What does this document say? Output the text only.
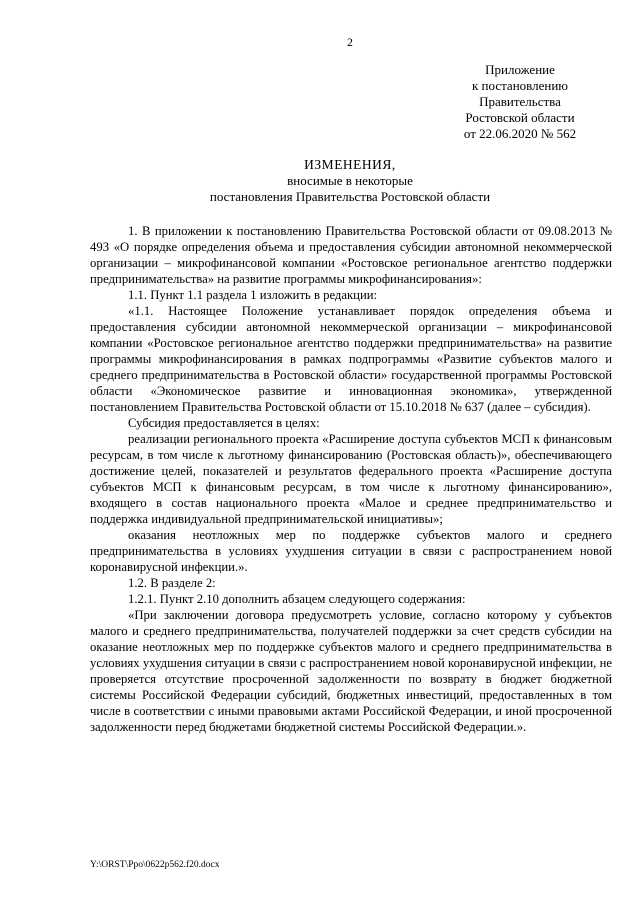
2
Приложение
к постановлению
Правительства
Ростовской области
от 22.06.2020 № 562
ИЗМЕНЕНИЯ,
вносимые в некоторые
постановления Правительства Ростовской области

1. В приложении к постановлению Правительства Ростовской области от 09.08.2013 № 493 «О порядке определения объема и предоставления субсидии автономной некоммерческой организации – микрофинансовой компании «Ростовское региональное агентство поддержки предпринимательства» на развитие программы микрофинансирования»:

1.1. Пункт 1.1 раздела 1 изложить в редакции:

«1.1. Настоящее Положение устанавливает порядок определения объема и предоставления субсидии автономной некоммерческой организации – микрофинансовой компании «Ростовское региональное агентство поддержки предпринимательства» на развитие программы микрофинансирования в рамках подпрограммы «Развитие субъектов малого и среднего предпринимательства в Ростовской области» государственной программы Ростовской области «Экономическое развитие и инновационная экономика», утвержденной постановлением Правительства Ростовской области от 15.10.2018 № 637 (далее – субсидия).

Субсидия предоставляется в целях:

реализации регионального проекта «Расширение доступа субъектов МСП к финансовым ресурсам, в том числе к льготному финансированию (Ростовская область)», обеспечивающего достижение целей, показателей и результатов федерального проекта «Расширение доступа субъектов МСП к финансовым ресурсам, в том числе к льготному финансированию», входящего в состав национального проекта «Малое и среднее предпринимательство и поддержка индивидуальной предпринимательской инициативы»;

оказания неотложных мер по поддержке субъектов малого и среднего предпринимательства в условиях ухудшения ситуации в связи с распространением новой коронавирусной инфекции.».

1.2. В разделе 2:

1.2.1. Пункт 2.10 дополнить абзацем следующего содержания:

«При заключении договора предусмотреть условие, согласно которому у субъектов малого и среднего предпринимательства, получателей поддержки за счет средств субсидии на оказание неотложных мер по поддержке субъектов малого и среднего предпринимательства в условиях ухудшения ситуации в связи с распространением новой коронавирусной инфекции, не проверяется отсутствие просроченной задолженности по возврату в бюджет бюджетной системы Российской Федерации субсидий, бюджетных инвестиций, предоставленных в том числе в соответствии с иными правовыми актами Российской Федерации, и иной просроченной задолженности перед бюджетами бюджетной системы Российской Федерации.».

Y:\ORST\Ppo\0622p562.f20.docx
